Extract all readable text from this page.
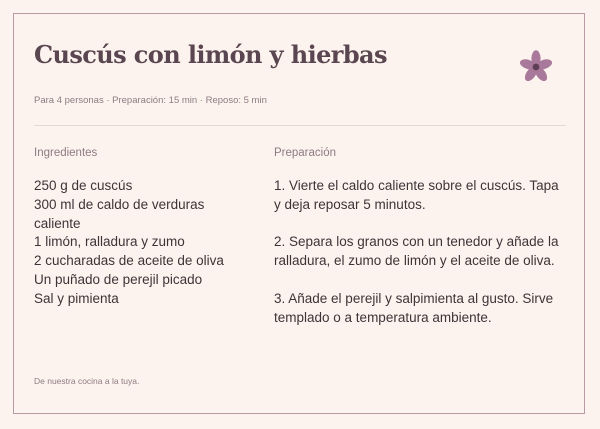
Cuscús con limón y hierbas
Para 4 personas · Preparación: 15 min · Reposo: 5 min
Ingredientes	Preparación
250 g de cuscús
300 ml de caldo de verduras caliente
1 limón, ralladura y zumo
2 cucharadas de aceite de oliva
Un puñado de perejil picado
Sal y pimienta
1. Vierte el caldo caliente sobre el cuscús. Tapa y deja reposar 5 minutos.
2. Separa los granos con un tenedor y añade la ralladura, el zumo de limón y el aceite de oliva.
3. Añade el perejil y salpimienta al gusto. Sirve templado o a temperatura ambiente.
De nuestra cocina a la tuya.
